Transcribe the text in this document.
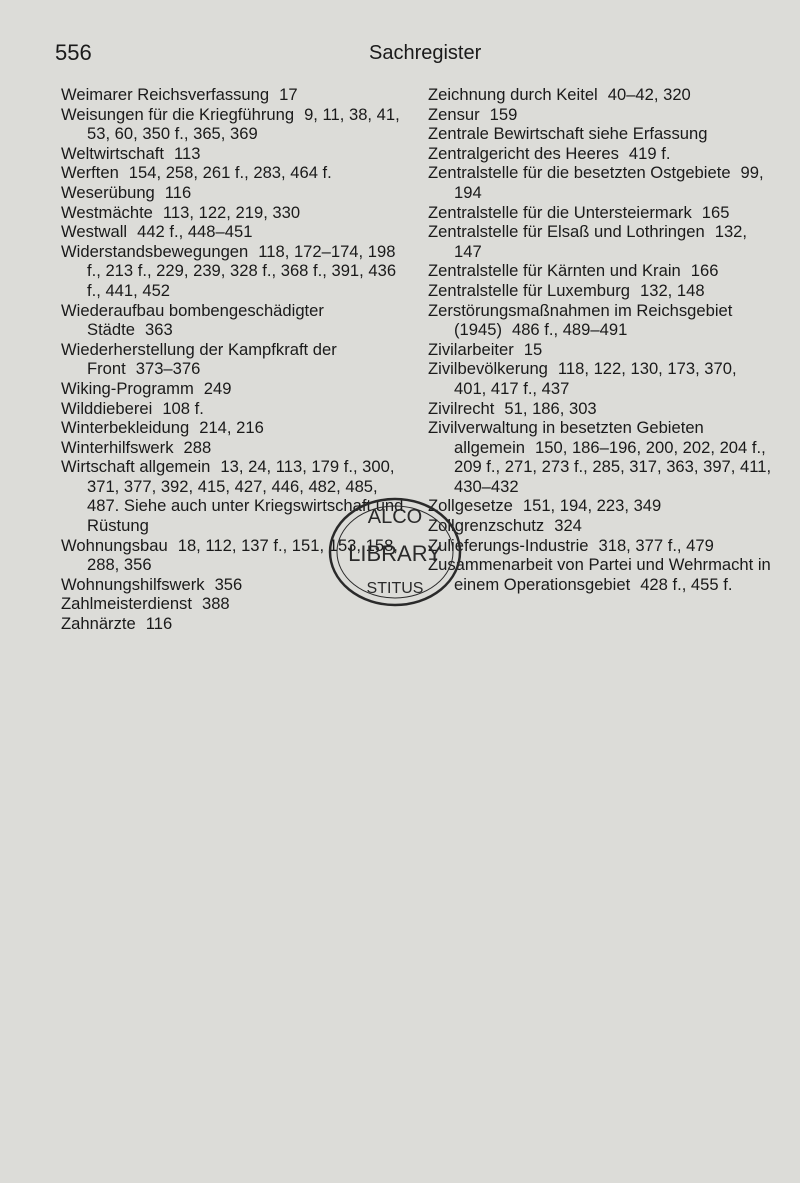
556	Sachregister

Weimarer Reichsverfassung 17

Weisungen für die Kriegführung 9, 11, 38, 41, 53, 60, 350 f., 365, 369

Weltwirtschaft 113

Werften 154, 258, 261 f., 283, 464 f.

Weserübung 116

Westmächte 113, 122, 219, 330

Westwall 442 f., 448–451

Widerstandsbewegungen 118, 172–174, 198 f., 213 f., 229, 239, 328 f., 368 f., 391, 436 f., 441, 452

Wiederaufbau bombengeschädigter Städte 363

Wiederherstellung der Kampfkraft der Front 373–376

Wiking-Programm 249

Wilddieberei 108 f.

Winterbekleidung 214, 216

Winterhilfswerk 288

Wirtschaft allgemein 13, 24, 113, 179 f., 300, 371, 377, 392, 415, 427, 446, 482, 485, 487. Siehe auch unter Kriegswirtschaft und Rüstung

Wohnungsbau 18, 112, 137 f., 151, 153, 158, 288, 356

Wohnungshilfswerk 356

Zahlmeisterdienst 388

Zahnärzte 116

Zeichnung durch Keitel 40–42, 320

Zensur 159

Zentrale Bewirtschaft siehe Erfassung

Zentralgericht des Heeres 419 f.

Zentralstelle für die besetzten Ostgebiete 99, 194

Zentralstelle für die Untersteiermark 165

Zentralstelle für Elsaß und Lothringen 132, 147

Zentralstelle für Kärnten und Krain 166

Zentralstelle für Luxemburg 132, 148

Zerstörungsmaßnahmen im Reichsgebiet (1945) 486 f., 489–491

Zivilarbeiter 15

Zivilbevölkerung 118, 122, 130, 173, 370, 401, 417 f., 437

Zivilrecht 51, 186, 303

Zivilverwaltung in besetzten Gebieten allgemein 150, 186–196, 200, 202, 204 f., 209 f., 271, 273 f., 285, 317, 363, 397, 411, 430–432

Zollgesetze 151, 194, 223, 349

Zollgrenzschutz 324

Zulieferungs-Industrie 318, 377 f., 479

Zusammenarbeit von Partei und Wehrmacht in einem Operationsgebiet 428 f., 455 f.

ALCO
LIBRARY
STITUS
